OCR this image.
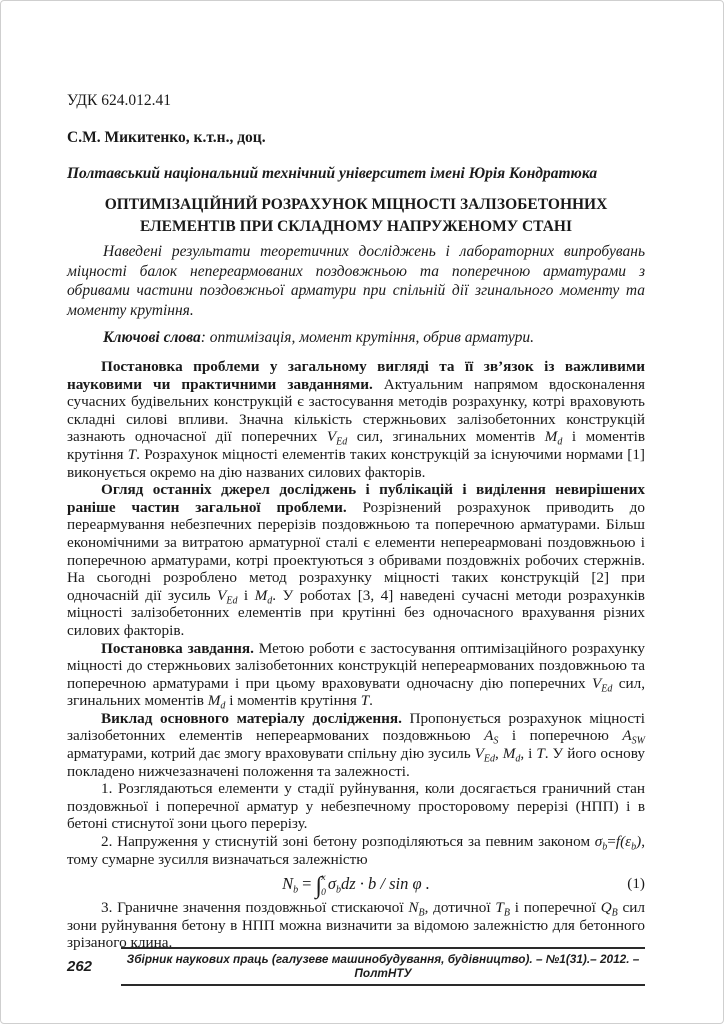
УДК 624.012.41
С.М. Микитенко, к.т.н., доц.
Полтавський національний технічний університет імені Юрія Кондратюка
ОПТИМІЗАЦІЙНИЙ РОЗРАХУНОК МІЦНОСТІ ЗАЛІЗОБЕТОННИХ
ЕЛЕМЕНТІВ ПРИ СКЛАДНОМУ НАПРУЖЕНОМУ СТАНІ
Наведені результати теоретичних досліджень і лабораторних випробувань міцності балок непереармованих поздовжньою та поперечною арматурами з обривами частини поздовжньої арматури при спільній дії згинального моменту та моменту крутіння.
Ключові слова: оптимізація, момент крутіння, обрив арматури.

Постановка проблеми у загальному вигляді та її зв’язок із важливими науковими чи практичними завданнями. Актуальним напрямом вдосконалення сучасних будівельних конструкцій є застосування методів розрахунку, котрі враховують складні силові впливи. Значна кількість стержньових залізобетонних конструкцій зазнають одночасної дії поперечних $V_{Ed}$ сил, згинальних моментів $M_d$ і моментів крутіння T. Розрахунок міцності елементів таких конструкцій за існуючими нормами [1] виконується окремо на дію названих силових факторів.

Огляд останніх джерел досліджень і публікацій і виділення невирішених раніше частин загальної проблеми. Розрізнений розрахунок приводить до переармування небезпечних перерізів поздовжньою та поперечною арматурами. Більш економічними за витратою арматурної сталі є елементи непереармовані поздовжньою і поперечною арматурами, котрі проектуються з обривами поздовжніх робочих стержнів. На сьогодні розроблено метод розрахунку міцності таких конструкцій [2] при одночасній дії зусиль $V_{Ed}$ і $M_d$. У роботах [3, 4] наведені сучасні методи розрахунків міцності залізобетонних елементів при крутінні без одночасного врахування різних силових факторів.

Постановка завдання. Метою роботи є застосування оптимізаційного розрахунку міцності до стержньових залізобетонних конструкцій непереармованих поздовжньою та поперечною арматурами і при цьому враховувати одночасну дію поперечних $V_{Ed}$ сил, згинальних моментів $M_d$ і моментів крутіння T.

Виклад основного матеріалу дослідження. Пропонується розрахунок міцності залізобетонних елементів непереармованих поздовжньою $A_S$ і поперечною $A_{SW}$ арматурами, котрий дає змогу враховувати спільну дію зусиль $V_{Ed}$, $M_d$, і T. У його основу покладено нижчезазначені положення та залежності.

1. Розглядаються елементи у стадії руйнування, коли досягається граничний стан поздовжньої і поперечної арматур у небезпечному просторовому перерізі (НПП) і в бетоні стиснутої зони цього перерізу.

2. Напруження у стиснутій зоні бетону розподіляються за певним законом $\sigma_b=f(\varepsilon_b)$, тому сумарне зусилля визначаться залежністю

$N_b$ = ∫ x
0 $\sigma_bdz \cdot b / \sin \varphi$ .	(1)

3. Граничне значення поздовжньої стискаючої $N_B$, дотичної $T_B$ і поперечної $Q_B$ сил зони руйнування бетону в НПП можна визначити за відомою залежністю для бетонного зрізаного клина.

262	Збірник наукових праць (галузеве машинобудування, будівництво). – №1(31).– 2012. – ПолтНТУ
